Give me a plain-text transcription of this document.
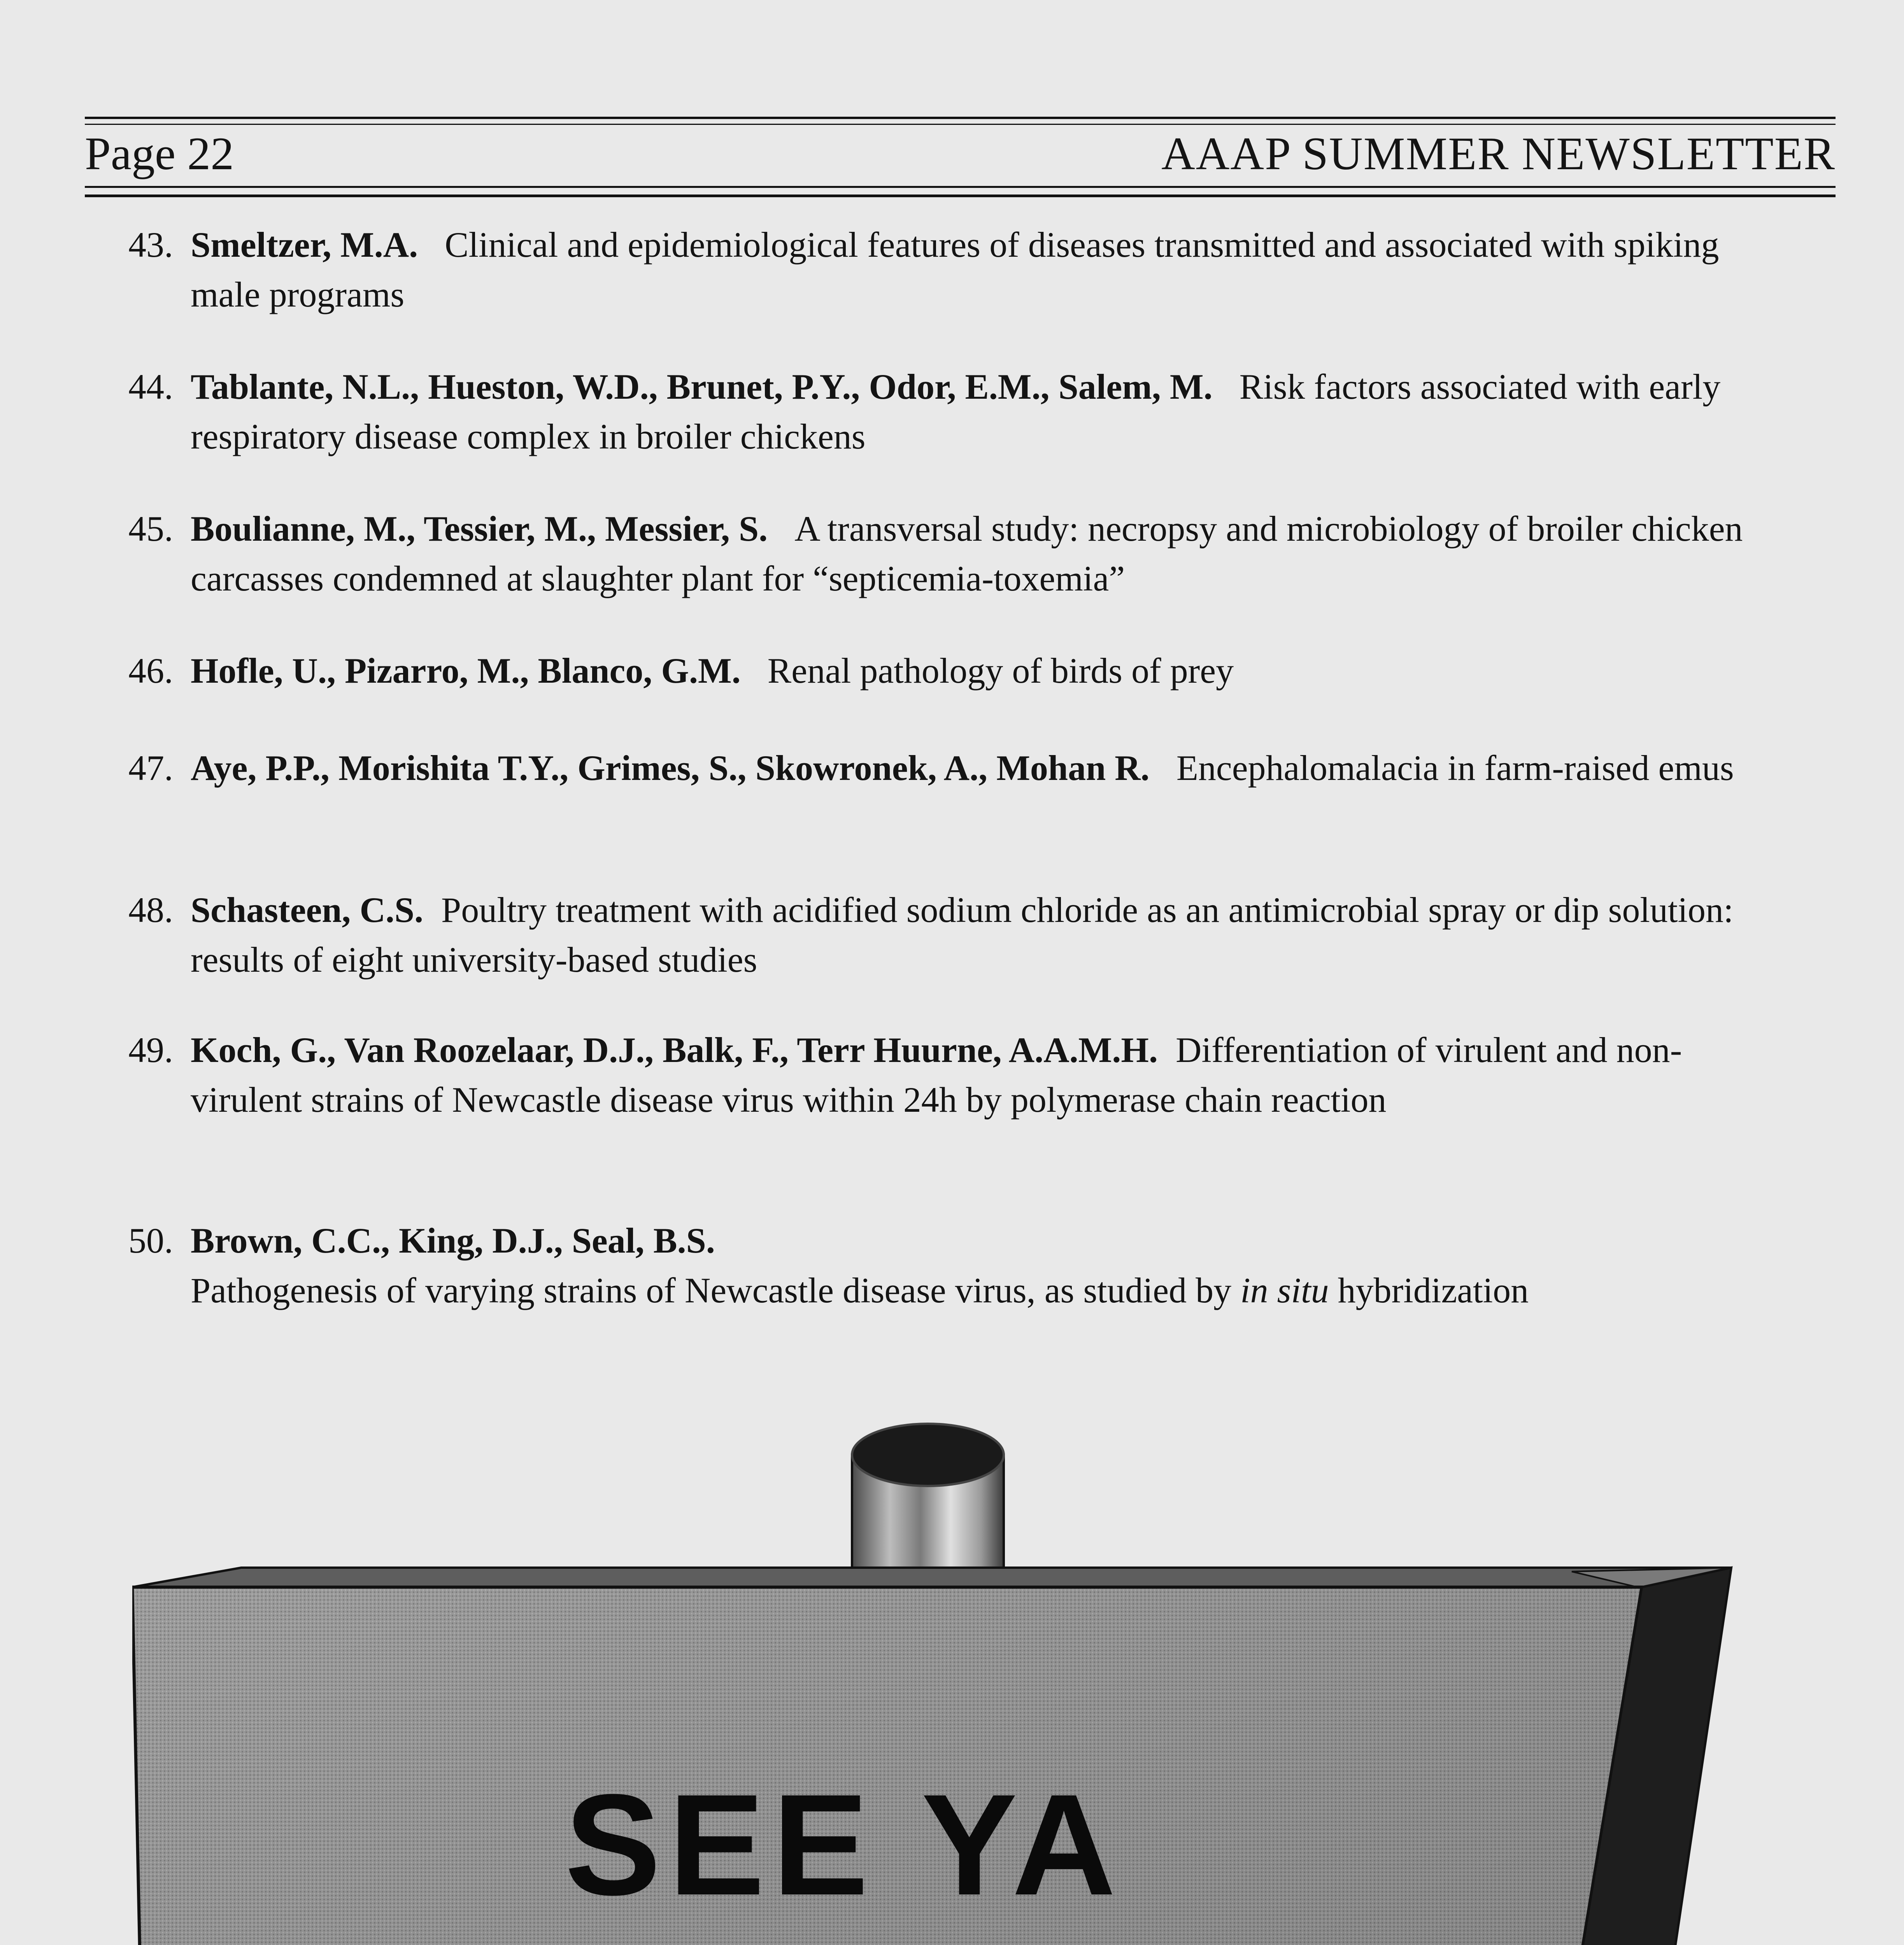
Page 22	AAAP SUMMER NEWSLETTER
43. Smeltzer, M.A. Clinical and epidemiological features of diseases transmitted and associated with spiking male programs
44. Tablante, N.L., Hueston, W.D., Brunet, P.Y., Odor, E.M., Salem, M. Risk factors associated with early respiratory disease complex in broiler chickens
45. Boulianne, M., Tessier, M., Messier, S. A transversal study: necropsy and microbiology of broiler chicken carcasses condemned at slaughter plant for “septicemia-toxemia”
46. Hofle, U., Pizarro, M., Blanco, G.M. Renal pathology of birds of prey
47. Aye, P.P., Morishita T.Y., Grimes, S., Skowronek, A., Mohan R. Encephalomalacia in farm-raised emus
48. Schasteen, C.S. Poultry treatment with acidified sodium chloride as an antimicrobial spray or dip solution: results of eight university-based studies
49. Koch, G., Van Roozelaar, D.J., Balk, F., Terr Huurne, A.A.M.H. Differentiation of virulent and non-virulent strains of Newcastle disease virus within 24h by polymerase chain reaction
50. Brown, C.C., King, D.J., Seal, B.S.
Pathogenesis of varying strains of Newcastle disease virus, as studied by in situ hybridization
SEE YA
